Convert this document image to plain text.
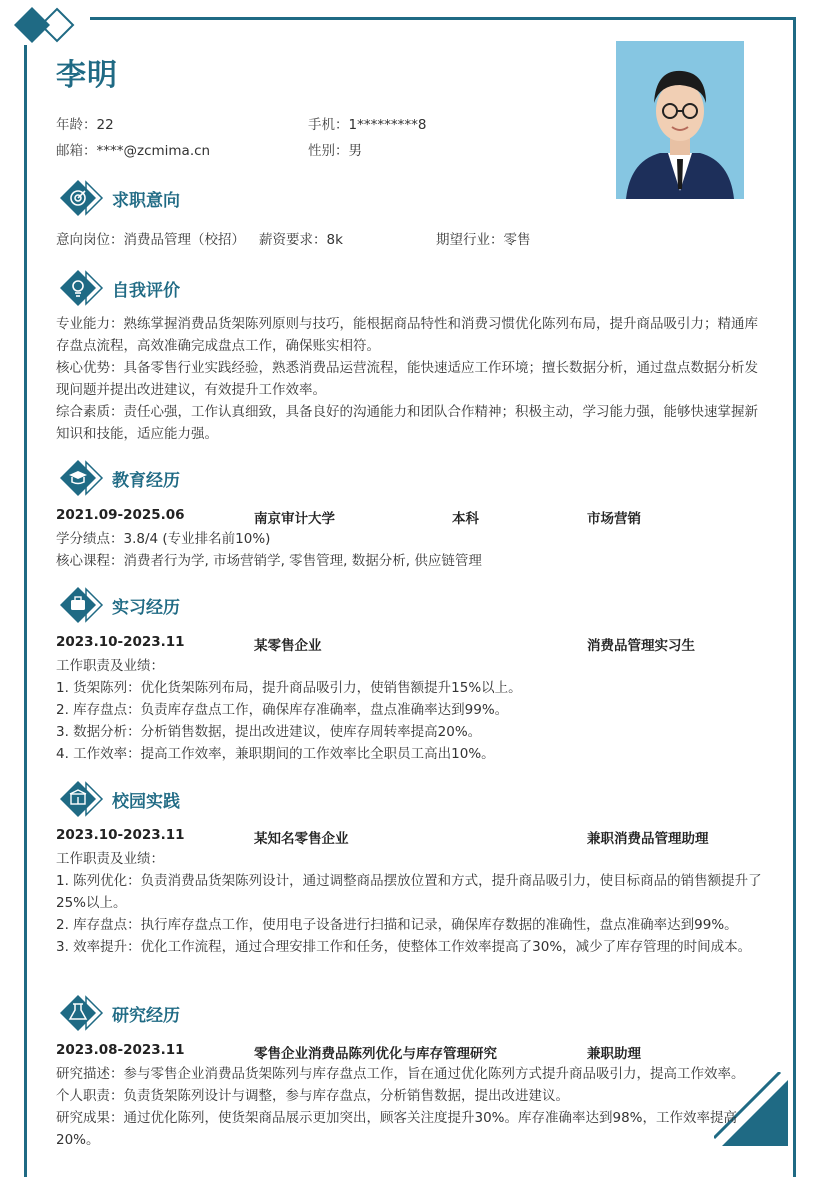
李明
年龄：22	手机：1*********8
邮箱：****@zcmima.cn	性别：男
求职意向
意向岗位：消费品管理（校招） 薪资要求：8k	期望行业：零售
自我评价

专业能力：熟练掌握消费品货架陈列原则与技巧，能根据商品特性和消费习惯优化陈列布局，提升商品吸引力；精通库存盘点流程，高效准确完成盘点工作，确保账实相符。

核心优势：具备零售行业实践经验，熟悉消费品运营流程，能快速适应工作环境；擅长数据分析，通过盘点数据分析发现问题并提出改进建议，有效提升工作效率。

综合素质：责任心强，工作认真细致，具备良好的沟通能力和团队合作精神；积极主动，学习能力强，能够快速掌握新知识和技能，适应能力强。

教育经历
2021.09-2025.06	南京审计大学	本科	市场营销

学分绩点：3.8/4 (专业排名前10%)

核心课程：消费者行为学, 市场营销学, 零售管理, 数据分析, 供应链管理

实习经历
2023.10-2023.11	某零售企业	消费品管理实习生

工作职责及业绩：

1. 货架陈列：优化货架陈列布局，提升商品吸引力，使销售额提升15%以上。

2. 库存盘点：负责库存盘点工作，确保库存准确率，盘点准确率达到99%。

3. 数据分析：分析销售数据，提出改进建议，使库存周转率提高20%。

4. 工作效率：提高工作效率，兼职期间的工作效率比全职员工高出10%。

校园实践
2023.10-2023.11	某知名零售企业	兼职消费品管理助理

工作职责及业绩：

1. 陈列优化：负责消费品货架陈列设计，通过调整商品摆放位置和方式，提升商品吸引力，使目标商品的销售额提升了25%以上。

2. 库存盘点：执行库存盘点工作，使用电子设备进行扫描和记录，确保库存数据的准确性，盘点准确率达到99%。

3. 效率提升：优化工作流程，通过合理安排工作和任务，使整体工作效率提高了30%，减少了库存管理的时间成本。

研究经历
2023.08-2023.11	零售企业消费品陈列优化与库存管理研究	兼职助理

研究描述：参与零售企业消费品货架陈列与库存盘点工作，旨在通过优化陈列方式提升商品吸引力，提高工作效率。

个人职责：负责货架陈列设计与调整，参与库存盘点，分析销售数据，提出改进建议。

研究成果：通过优化陈列，使货架商品展示更加突出，顾客关注度提升30%。库存准确率达到98%，工作效率提高20%。
